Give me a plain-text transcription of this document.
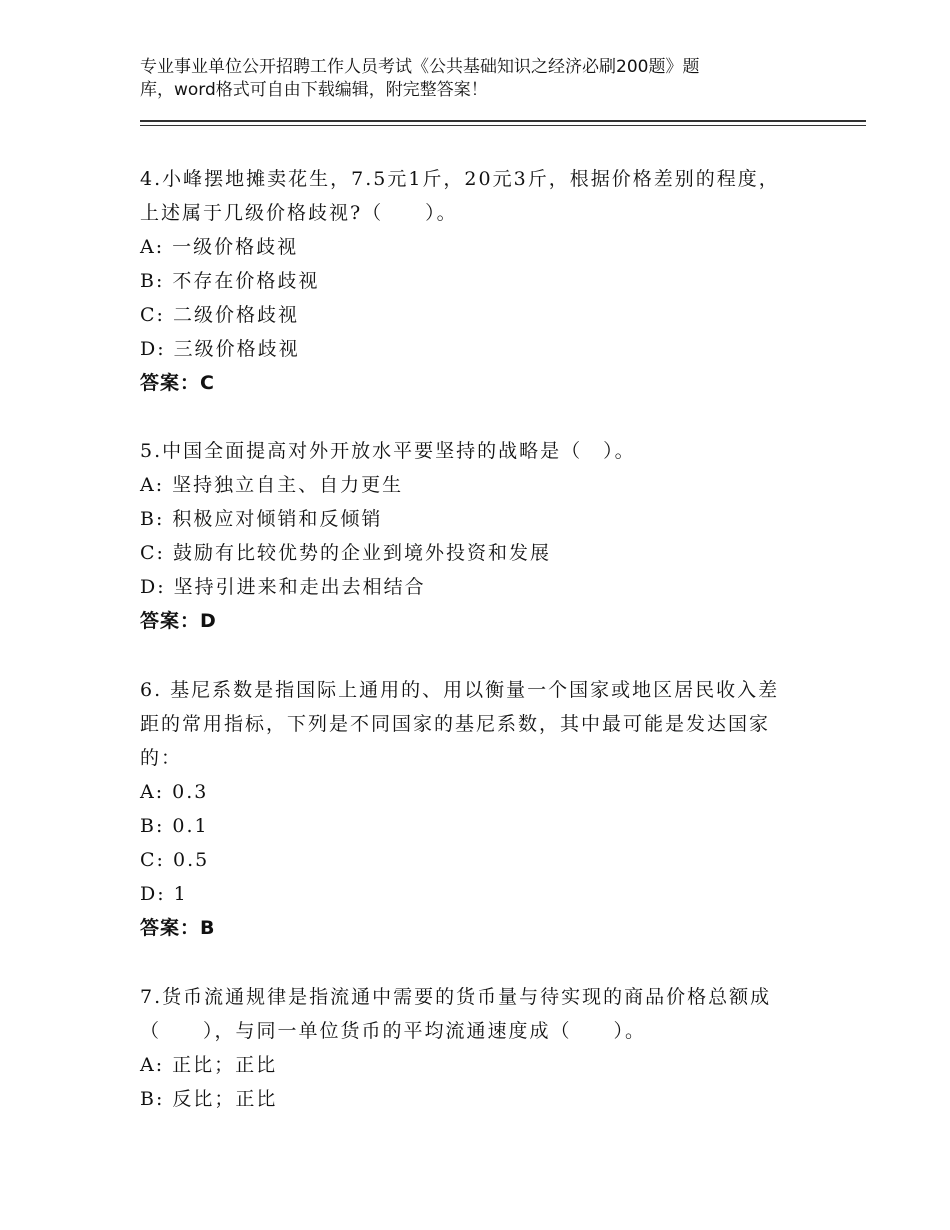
专业事业单位公开招聘工作人员考试《公共基础知识之经济必刷200题》题
库，word格式可自由下载编辑，附完整答案！
4.小峰摆地摊卖花生，7.5元1斤，20元3斤，根据价格差别的程度，
上述属于几级价格歧视?（　　）。
A: 一级价格歧视
B: 不存在价格歧视
C: 二级价格歧视
D: 三级价格歧视
答案：C
5.中国全面提高对外开放水平要坚持的战略是（　）。
A: 坚持独立自主、自力更生
B: 积极应对倾销和反倾销
C: 鼓励有比较优势的企业到境外投资和发展
D: 坚持引进来和走出去相结合
答案：D
6. 基尼系数是指国际上通用的、用以衡量一个国家或地区居民收入差
距的常用指标，下列是不同国家的基尼系数，其中最可能是发达国家
的：
A: 0.3
B: 0.1
C: 0.5
D: 1
答案：B
7.货币流通规律是指流通中需要的货币量与待实现的商品价格总额成
（　　），与同一单位货币的平均流通速度成（　　）。
A: 正比；正比
B: 反比；正比
